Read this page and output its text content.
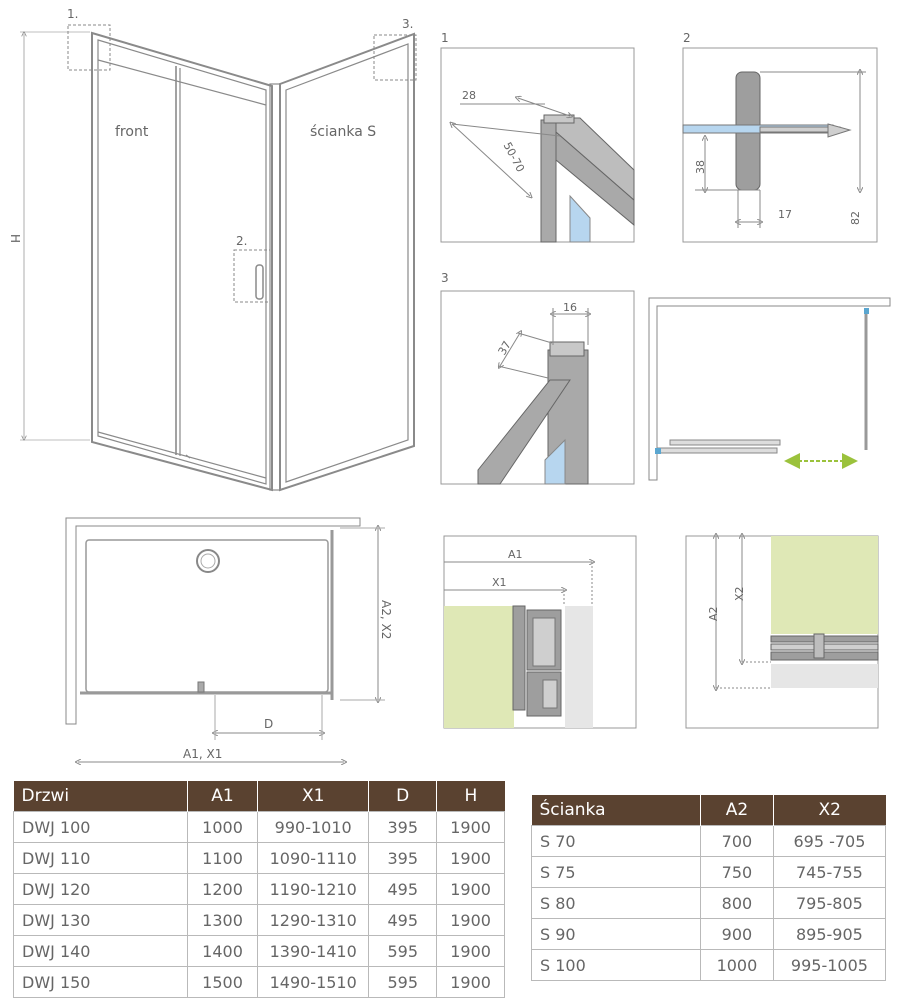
1.
3.
2.
front	ścianka S
H
1
28
50-70
2
38
17	82
3
16
37
A2, X2
D
A1, X1
A1
X1
A2
X2
Drzwi	A1	X1	D	H
DWJ 100	1000	990-1010	395	1900
DWJ 110	1100	1090-1110	395	1900
DWJ 120	1200	1190-1210	495	1900
DWJ 130	1300	1290-1310	495	1900
DWJ 140	1400	1390-1410	595	1900
DWJ 150	1500	1490-1510	595	1900
Ścianka	A2	X2
S 70	700	695 -705
S 75	750	745-755
S 80	800	795-805
S 90	900	895-905
S 100	1000	995-1005
